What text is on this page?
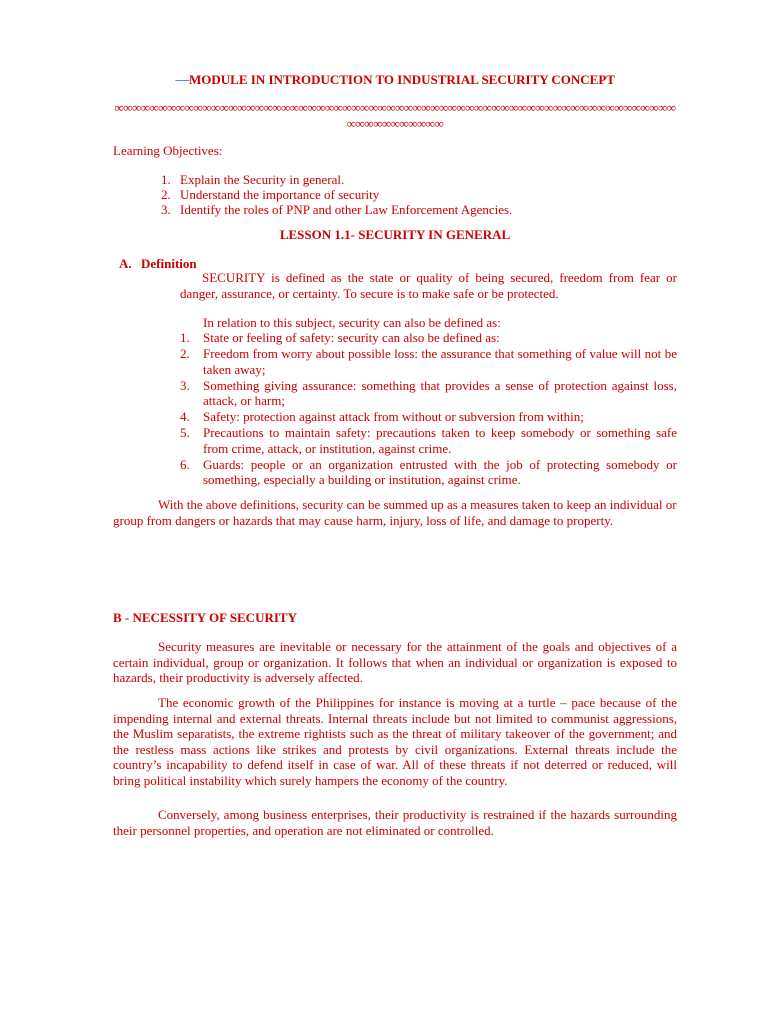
------MODULE IN INTRODUCTION TO INDUSTRIAL SECURITY CONCEPT
∞∞∞∞∞∞∞∞∞∞∞∞∞∞∞∞∞∞∞∞∞∞∞∞∞∞∞∞∞∞∞∞∞∞∞∞∞∞∞∞∞∞∞∞∞∞∞∞∞∞∞∞∞∞∞∞∞∞∞∞∞∞∞∞∞∞∞∞∞∞∞∞∞∞∞
Learning Objectives:
1. Explain the Security in general.
2. Understand the importance of security
3. Identify the roles of PNP and other Law Enforcement Agencies.
LESSON 1.1- SECURITY IN GENERAL
A. Definition
SECURITY is defined as the state or quality of being secured, freedom from fear or danger, assurance, or certainty. To secure is to make safe or be protected.
In relation to this subject, security can also be defined as:
1. State or feeling of safety: security can also be defined as:
2. Freedom from worry about possible loss: the assurance that something of value will not be taken away;
3. Something giving assurance: something that provides a sense of protection against loss, attack, or harm;
4. Safety: protection against attack from without or subversion from within;
5. Precautions to maintain safety: precautions taken to keep somebody or something safe from crime, attack, or institution, against crime.
6. Guards: people or an organization entrusted with the job of protecting somebody or something, especially a building or institution, against crime.
With the above definitions, security can be summed up as a measures taken to keep an individual or group from dangers or hazards that may cause harm, injury, loss of life, and damage to property.
B - NECESSITY OF SECURITY
Security measures are inevitable or necessary for the attainment of the goals and objectives of a certain individual, group or organization. It follows that when an individual or organization is exposed to hazards, their productivity is adversely affected.
The economic growth of the Philippines for instance is moving at a turtle – pace because of the impending internal and external threats. Internal threats include but not limited to communist aggressions, the Muslim separatists, the extreme rightists such as the threat of military takeover of the government; and the restless mass actions like strikes and protests by civil organizations. External threats include the country’s incapability to defend itself in case of war. All of these threats if not deterred or reduced, will bring political instability which surely hampers the economy of the country.
Conversely, among business enterprises, their productivity is restrained if the hazards surrounding their personnel properties, and operation are not eliminated or controlled.
